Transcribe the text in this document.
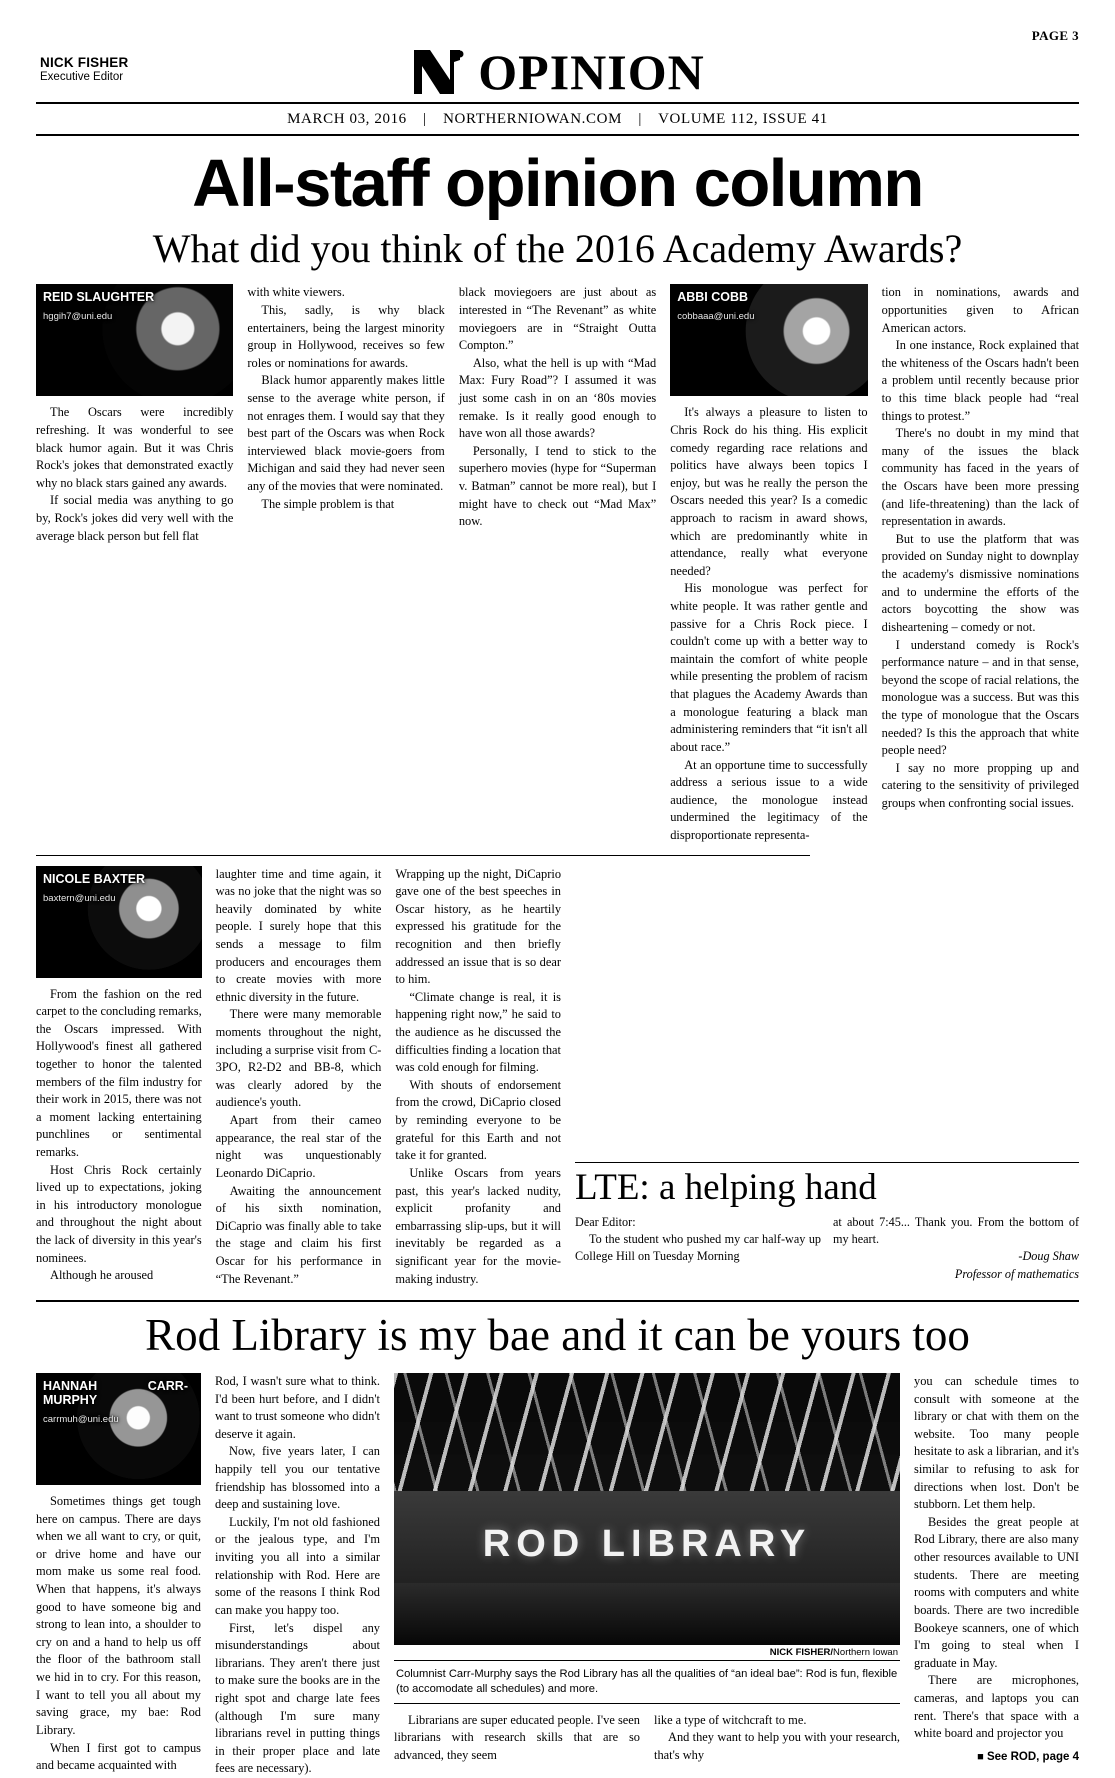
PAGE 3
NICK FISHER
Executive Editor	OPINION
MARCH 03, 2016 | NORTHERNIOWAN.COM | VOLUME 112, ISSUE 41
All-staff opinion column
What did you think of the 2016 Academy Awards?
REID SLAUGHTER
hggih7@uni.edu

The Oscars were incredibly refreshing. It was wonderful to see black humor again. But it was Chris Rock's jokes that demonstrated exactly why no black stars gained any awards.

If social media was anything to go by, Rock's jokes did very well with the average black person but fell flat

with white viewers.

This, sadly, is why black entertainers, being the largest minority group in Hollywood, receives so few roles or nominations for awards.

Black humor apparently makes little sense to the average white person, if not enrages them. I would say that they best part of the Oscars was when Rock interviewed black movie-goers from Michigan and said they had never seen any of the movies that were nominated.

The simple problem is that

black moviegoers are just about as interested in “The Revenant” as white moviegoers are in “Straight Outta Compton.”

Also, what the hell is up with “Mad Max: Fury Road”? I assumed it was just some cash in on an ‘80s movies remake. Is it really good enough to have won all those awards?

Personally, I tend to stick to the superhero movies (hype for “Superman v. Batman” cannot be more real), but I might have to check out “Mad Max” now.

ABBI COBB
cobbaaa@uni.edu

It's always a pleasure to listen to Chris Rock do his thing. His explicit comedy regarding race relations and politics have always been topics I enjoy, but was he really the person the Oscars needed this year? Is a comedic approach to racism in award shows, which are predominantly white in attendance, really what everyone needed?

His monologue was perfect for white people. It was rather gentle and passive for a Chris Rock piece. I couldn't come up with a better way to maintain the comfort of white people while presenting the problem of racism that plagues the Academy Awards than a monologue featuring a black man administering reminders that “it isn't all about race.”

At an opportune time to successfully address a serious issue to a wide audience, the monologue instead undermined the legitimacy of the disproportionate representa-

tion in nominations, awards and opportunities given to African American actors.

In one instance, Rock explained that the whiteness of the Oscars hadn't been a problem until recently because prior to this time black people had “real things to protest.”

There's no doubt in my mind that many of the issues the black community has faced in the years of the Oscars have been more pressing (and life-threatening) than the lack of representation in awards.

But to use the platform that was provided on Sunday night to downplay the academy's dismissive nominations and to undermine the efforts of the actors boycotting the show was disheartening – comedy or not.

I understand comedy is Rock's performance nature – and in that sense, beyond the scope of racial relations, the monologue was a success. But was this the type of monologue that the Oscars needed? Is this the approach that white people need?

I say no more propping up and catering to the sensitivity of privileged groups when confronting social issues.

NICOLE BAXTER
baxtern@uni.edu

From the fashion on the red carpet to the concluding remarks, the Oscars impressed. With Hollywood's finest all gathered together to honor the talented members of the film industry for their work in 2015, there was not a moment lacking entertaining punchlines or sentimental remarks.

Host Chris Rock certainly lived up to expectations, joking in his introductory monologue and throughout the night about the lack of diversity in this year's nominees.

Although he aroused

laughter time and time again, it was no joke that the night was so heavily dominated by white people. I surely hope that this sends a message to film producers and encourages them to create movies with more ethnic diversity in the future.

There were many memorable moments throughout the night, including a surprise visit from C-3PO, R2-D2 and BB-8, which was clearly adored by the audience's youth.

Apart from their cameo appearance, the real star of the night was unquestionably Leonardo DiCaprio.

Awaiting the announcement of his sixth nomination, DiCaprio was finally able to take the stage and claim his first Oscar for his performance in “The Revenant.”

Wrapping up the night, DiCaprio gave one of the best speeches in Oscar history, as he heartily expressed his gratitude for the recognition and then briefly addressed an issue that is so dear to him.

“Climate change is real, it is happening right now,” he said to the audience as he discussed the difficulties finding a location that was cold enough for filming.

With shouts of endorsement from the crowd, DiCaprio closed by reminding everyone to be grateful for this Earth and not take it for granted.

Unlike Oscars from years past, this year's lacked nudity, explicit profanity and embarrassing slip-ups, but it will inevitably be regarded as a significant year for the movie-making industry.

LTE: a helping hand

Dear Editor:

To the student who pushed my car half-way up College Hill on Tuesday Morning

at about 7:45... Thank you. From the bottom of my heart.

-Doug Shaw

Professor of mathematics

Rod Library is my bae and it can be yours too
HANNAH CARR-MURPHY
carrmuh@uni.edu

Sometimes things get tough here on campus. There are days when we all want to cry, or quit, or drive home and have our mom make us some real food. When that happens, it's always good to have someone big and strong to lean into, a shoulder to cry on and a hand to help us off the floor of the bathroom stall we hid in to cry. For this reason, I want to tell you all about my saving grace, my bae: Rod Library.

When I first got to campus and became acquainted with

Rod, I wasn't sure what to think. I'd been hurt before, and I didn't want to trust someone who didn't deserve it again.

Now, five years later, I can happily tell you our tentative friendship has blossomed into a deep and sustaining love.

Luckily, I'm not old fashioned or the jealous type, and I'm inviting you all into a similar relationship with Rod. Here are some of the reasons I think Rod can make you happy too.

First, let's dispel any misunderstandings about librarians. They aren't there just to make sure the books are in the right spot and charge late fees (although I'm sure many librarians revel in putting things in their proper place and late fees are necessary).

ROD LIBRARY
NICK FISHER/Northern Iowan
Columnist Carr-Murphy says the Rod Library has all the qualities of “an ideal bae”: Rod is fun, flexible (to accomodate all schedules) and more.

Librarians are super educated people. I've seen librarians with research skills that are so advanced, they seem

like a type of witchcraft to me.

And they want to help you with your research, that's why

you can schedule times to consult with someone at the library or chat with them on the website. Too many people hesitate to ask a librarian, and it's similar to refusing to ask for directions when lost. Don't be stubborn. Let them help.

Besides the great people at Rod Library, there are also many other resources available to UNI students. There are meeting rooms with computers and white boards. There are two incredible Bookeye scanners, one of which I'm going to steal when I graduate in May.

There are microphones, cameras, and laptops you can rent. There's that space with a white board and projector you

■ See ROD, page 4
